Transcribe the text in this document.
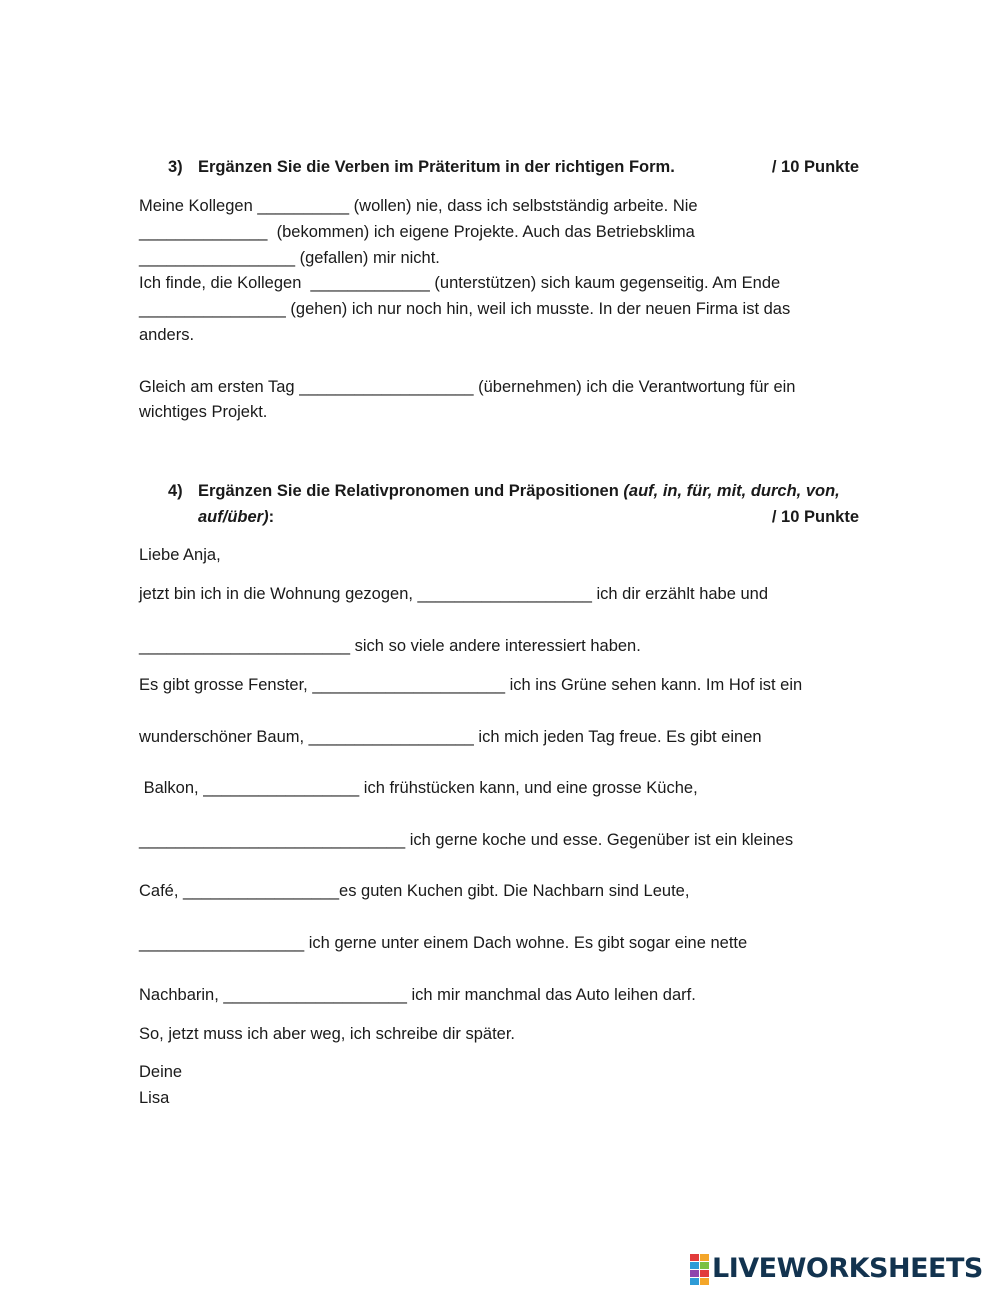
3) Ergänzen Sie die Verben im Präteritum in der richtigen Form.	/ 10 Punkte
Meine Kollegen __________ (wollen) nie, dass ich selbstständig arbeite. Nie
______________  (bekommen) ich eigene Projekte. Auch das Betriebsklima
_________________ (gefallen) mir nicht.
Ich finde, die Kollegen  _____________ (unterstützen) sich kaum gegenseitig. Am Ende
________________ (gehen) ich nur noch hin, weil ich musste. In der neuen Firma ist das
anders.
Gleich am ersten Tag ___________________ (übernehmen) ich die Verantwortung für ein
wichtiges Projekt.
4) Ergänzen Sie die Relativpronomen und Präpositionen (auf, in, für, mit, durch, von,
auf/über):	/ 10 Punkte
Liebe Anja,
jetzt bin ich in die Wohnung gezogen, ___________________ ich dir erzählt habe und
_______________________ sich so viele andere interessiert haben.
Es gibt grosse Fenster, _____________________ ich ins Grüne sehen kann. Im Hof ist ein
wunderschöner Baum, __________________ ich mich jeden Tag freue. Es gibt einen
Balkon, _________________ ich frühstücken kann, und eine grosse Küche,
_____________________________ ich gerne koche und esse. Gegenüber ist ein kleines
Café, _________________es guten Kuchen gibt. Die Nachbarn sind Leute,
__________________ ich gerne unter einem Dach wohne. Es gibt sogar eine nette
Nachbarin, ____________________ ich mir manchmal das Auto leihen darf.
So, jetzt muss ich aber weg, ich schreibe dir später.
Deine
Lisa
LIVEWORKSHEETS
